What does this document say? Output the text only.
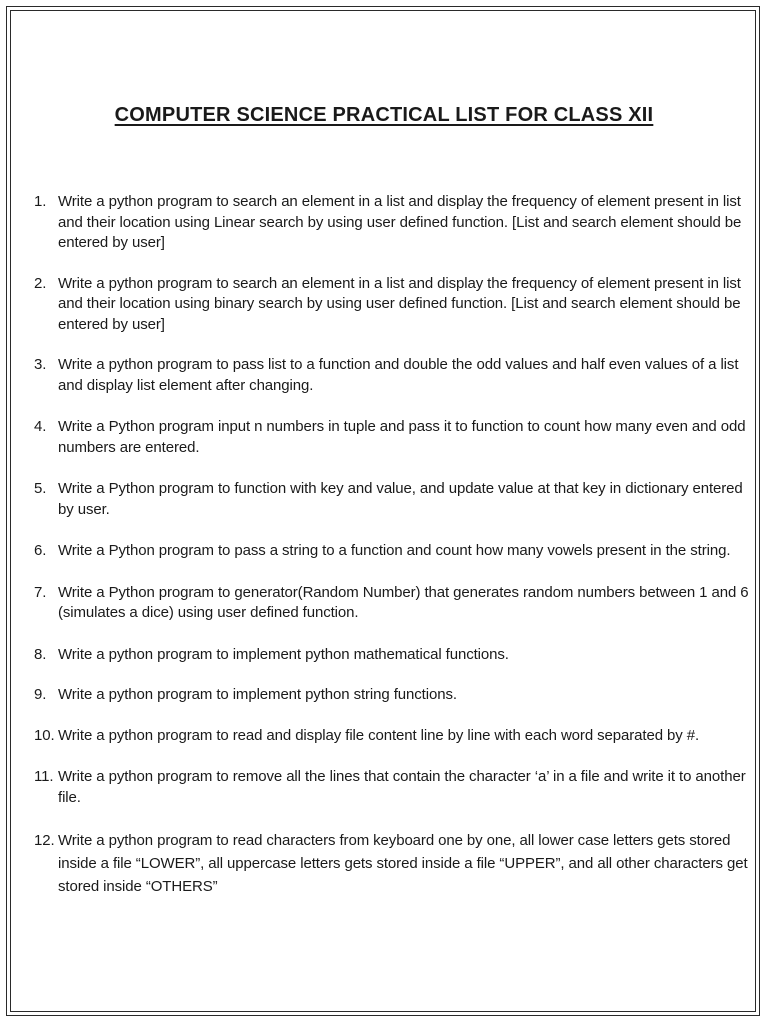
COMPUTER SCIENCE PRACTICAL LIST FOR CLASS XII
1. Write a python program to search an element in a list and display the frequency of element present in list and their location using Linear search by using user defined function. [List and search element should be entered by user]
2. Write a python program to search an element in a list and display the frequency of element present in list and their location using binary search by using user defined function. [List and search element should be entered by user]
3. Write a python program to pass list to a function and double the odd values and half even values of a list and display list element after changing.
4. Write a Python program input n numbers in tuple and pass it to function to count how many even and odd numbers are entered.
5. Write a Python program to function with key and value, and update value at that key in dictionary entered by user.
6. Write a Python program to pass a string to a function and count how many vowels present in the string.
7. Write a Python program to generator(Random Number) that generates random numbers between 1 and 6 (simulates a dice) using user defined function.
8. Write a python program to implement python mathematical functions.
9. Write a python program to implement python string functions.
10. Write a python program to read and display file content line by line with each word separated by #.
11. Write a python program to remove all the lines that contain the character ‘a’ in a file and write it to another file.
12. Write a python program to read characters from keyboard one by one, all lower case letters gets stored inside a file “LOWER”, all uppercase letters gets stored inside a file “UPPER”, and all other characters get stored inside “OTHERS”
